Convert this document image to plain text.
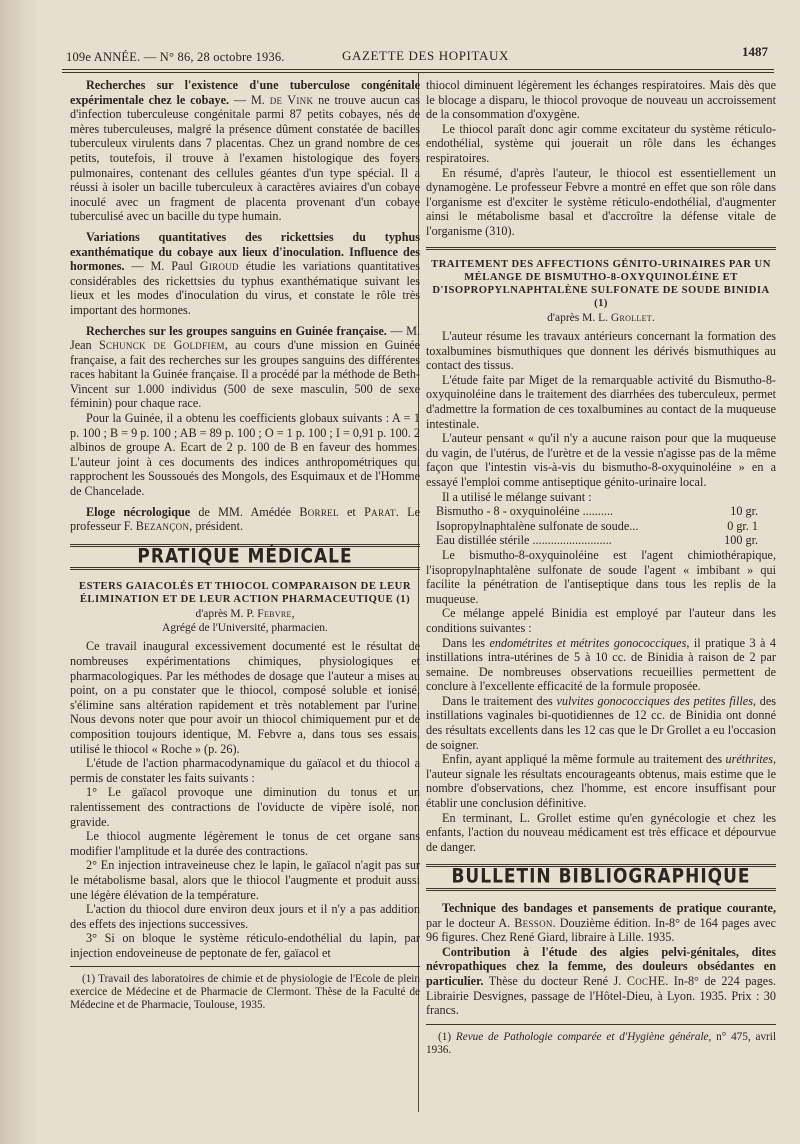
109e ANNÉE. — N° 86, 28 octobre 1936.	GAZETTE DES HOPITAUX	1487

Recherches sur l'existence d'une tuberculose congénitale expérimentale chez le cobaye. — M. de Vink ne trouve aucun cas d'infection tuberculeuse congénitale parmi 87 petits cobayes, nés de mères tuberculeuses, malgré la présence dûment constatée de bacilles tuberculeux virulents dans 7 placentas. Chez un grand nombre de ces petits, toutefois, il trouve à l'examen histologique des foyers pulmonaires, contenant des cellules géantes d'un type spécial. Il a réussi à isoler un bacille tuberculeux à caractères aviaires d'un cobaye inoculé avec un fragment de placenta provenant d'un cobaye tuberculisé avec un bacille du type humain.

Variations quantitatives des rickettsies du typhus exanthématique du cobaye aux lieux d'inoculation. Influence des hormones. — M. Paul Giroud étudie les variations quantitatives considérables des rickettsies du typhus exanthématique suivant les lieux et les modes d'inoculation du virus, et constate le rôle très important des hormones.

Recherches sur les groupes sanguins en Guinée française. — M. Jean Schunck de Goldfiem, au cours d'une mission en Guinée française, a fait des recherches sur les groupes sanguins des différentes races habitant la Guinée française. Il a procédé par la méthode de Beth-Vincent sur 1.000 individus (500 de sexe masculin, 500 de sexe féminin) pour chaque race.

Pour la Guinée, il a obtenu les coefficients globaux suivants : A = 1 p. 100 ; B = 9 p. 100 ; AB = 89 p. 100 ; O = 1 p. 100 ; I = 0,91 p. 100. 2 albinos de groupe A. Ecart de 2 p. 100 de B en faveur des hommes. L'auteur joint à ces documents des indices anthropométriques qui rapprochent les Soussoués des Mongols, des Esquimaux et de l'Homme de Chancelade.

Eloge nécrologique de MM. Amédée Borrel et Parat. Le professeur F. Bezançon, président.

PRATIQUE MÉDICALE

ESTERS GAIACOLÉS ET THIOCOL COMPARAISON DE LEUR ÉLIMINATION ET DE LEUR ACTION PHARMACEUTIQUE (1)

d'après M. P. Febvre,

Agrégé de l'Université, pharmacien.

Ce travail inaugural excessivement documenté est le résultat de nombreuses expérimentations chimiques, physiologiques et pharmacologiques. Par les méthodes de dosage que l'auteur a mises au point, on a pu constater que le thiocol, composé soluble et ionisé, s'élimine sans altération rapidement et très notablement par l'urine. Nous devons noter que pour avoir un thiocol chimiquement pur et de composition toujours identique, M. Febvre a, dans tous ses essais, utilisé le thiocol « Roche » (p. 26).

L'étude de l'action pharmacodynamique du gaïacol et du thiocol a permis de constater les faits suivants :

1° Le gaïacol provoque une diminution du tonus et un ralentissement des contractions de l'oviducte de vipère isolé, non gravide.

Le thiocol augmente légèrement le tonus de cet organe sans modifier l'amplitude et la durée des contractions.

2° En injection intraveineuse chez le lapin, le gaïacol n'agit pas sur le métabolisme basal, alors que le thiocol l'augmente et produit aussi une légère élévation de la température.

L'action du thiocol dure environ deux jours et il n'y a pas addition des effets des injections successives.

3° Si on bloque le système réticulo-endothélial du lapin, par injection endoveineuse de peptonate de fer, gaïacol et

(1) Travail des laboratoires de chimie et de physiologie de l'Ecole de plein exercice de Médecine et de Pharmacie de Clermont. Thèse de la Faculté de Médecine et de Pharmacie, Toulouse, 1935.

thiocol diminuent légèrement les échanges respiratoires. Mais dès que le blocage a disparu, le thiocol provoque de nouveau un accroissement de la consommation d'oxygène.

Le thiocol paraît donc agir comme excitateur du système réticulo-endothélial, système qui jouerait un rôle dans les échanges respiratoires.

En résumé, d'après l'auteur, le thiocol est essentiellement un dynamogène. Le professeur Febvre a montré en effet que son rôle dans l'organisme est d'exciter le système réticulo-endothélial, d'augmenter ainsi le métabolisme basal et d'accroître la défense vitale de l'organisme (310).

TRAITEMENT DES AFFECTIONS GÉNITO-URINAIRES PAR UN MÉLANGE DE BISMUTHO-8-OXYQUINOLÉINE ET D'ISOPROPYLNAPHTALÈNE SULFONATE DE SOUDE BINIDIA (1)

d'après M. L. Grollet.

L'auteur résume les travaux antérieurs concernant la formation des toxalbumines bismuthiques que donnent les dérivés bismuthiques au contact des tissus.

L'étude faite par Miget de la remarquable activité du Bismutho-8-oxyquinoléine dans le traitement des diarrhées des tuberculeux, permet d'admettre la formation de ces toxalbumines au contact de la muqueuse intestinale.

L'auteur pensant « qu'il n'y a aucune raison pour que la muqueuse du vagin, de l'utérus, de l'urètre et de la vessie n'agisse pas de la même façon que l'intestin vis-à-vis du bismutho-8-oxyquinoléine » en a essayé l'emploi comme antiseptique génito-urinaire local.

Il a utilisé le mélange suivant :

Bismutho - 8 - oxyquinoléine ..........	10 gr.
Isopropylnaphtalène sulfonate de soude...	0 gr. 1
Eau distillée stérile ..........................	100 gr.

Le bismutho-8-oxyquinoléine est l'agent chimiothérapique, l'isopropylnaphtalène sulfonate de soude l'agent « imbibant » qui facilite la pénétration de l'antiseptique dans tous les replis de la muqueuse.

Ce mélange appelé Binidia est employé par l'auteur dans les conditions suivantes :

Dans les endométrites et métrites gonococciques, il pratique 3 à 4 instillations intra-utérines de 5 à 10 cc. de Binidia à raison de 2 par semaine. De nombreuses observations recueillies permettent de conclure à l'excellente efficacité de la formule proposée.

Dans le traitement des vulvites gonococciques des petites filles, des instillations vaginales bi-quotidiennes de 12 cc. de Binidia ont donné des résultats excellents dans les 12 cas que le Dr Grollet a eu l'occasion de soigner.

Enfin, ayant appliqué la même formule au traitement des uréthrites, l'auteur signale les résultats encourageants obtenus, mais estime que le nombre d'observations, chez l'homme, est encore insuffisant pour établir une conclusion définitive.

En terminant, L. Grollet estime qu'en gynécologie et chez les enfants, l'action du nouveau médicament est très efficace et dépourvue de danger.

BULLETIN BIBLIOGRAPHIQUE

Technique des bandages et pansements de pratique courante, par le docteur A. Besson. Douzième édition. In-8° de 164 pages avec 96 figures. Chez René Giard, libraire à Lille. 1935.

Contribution à l'étude des algies pelvi-génitales, dites névropathiques chez la femme, des douleurs obsédantes en particulier. Thèse du docteur René J. CocHE. In-8° de 224 pages. Librairie Desvignes, passage de l'Hôtel-Dieu, à Lyon. 1935. Prix : 30 francs.

(1) Revue de Pathologie comparée et d'Hygiène générale, n° 475, avril 1936.
